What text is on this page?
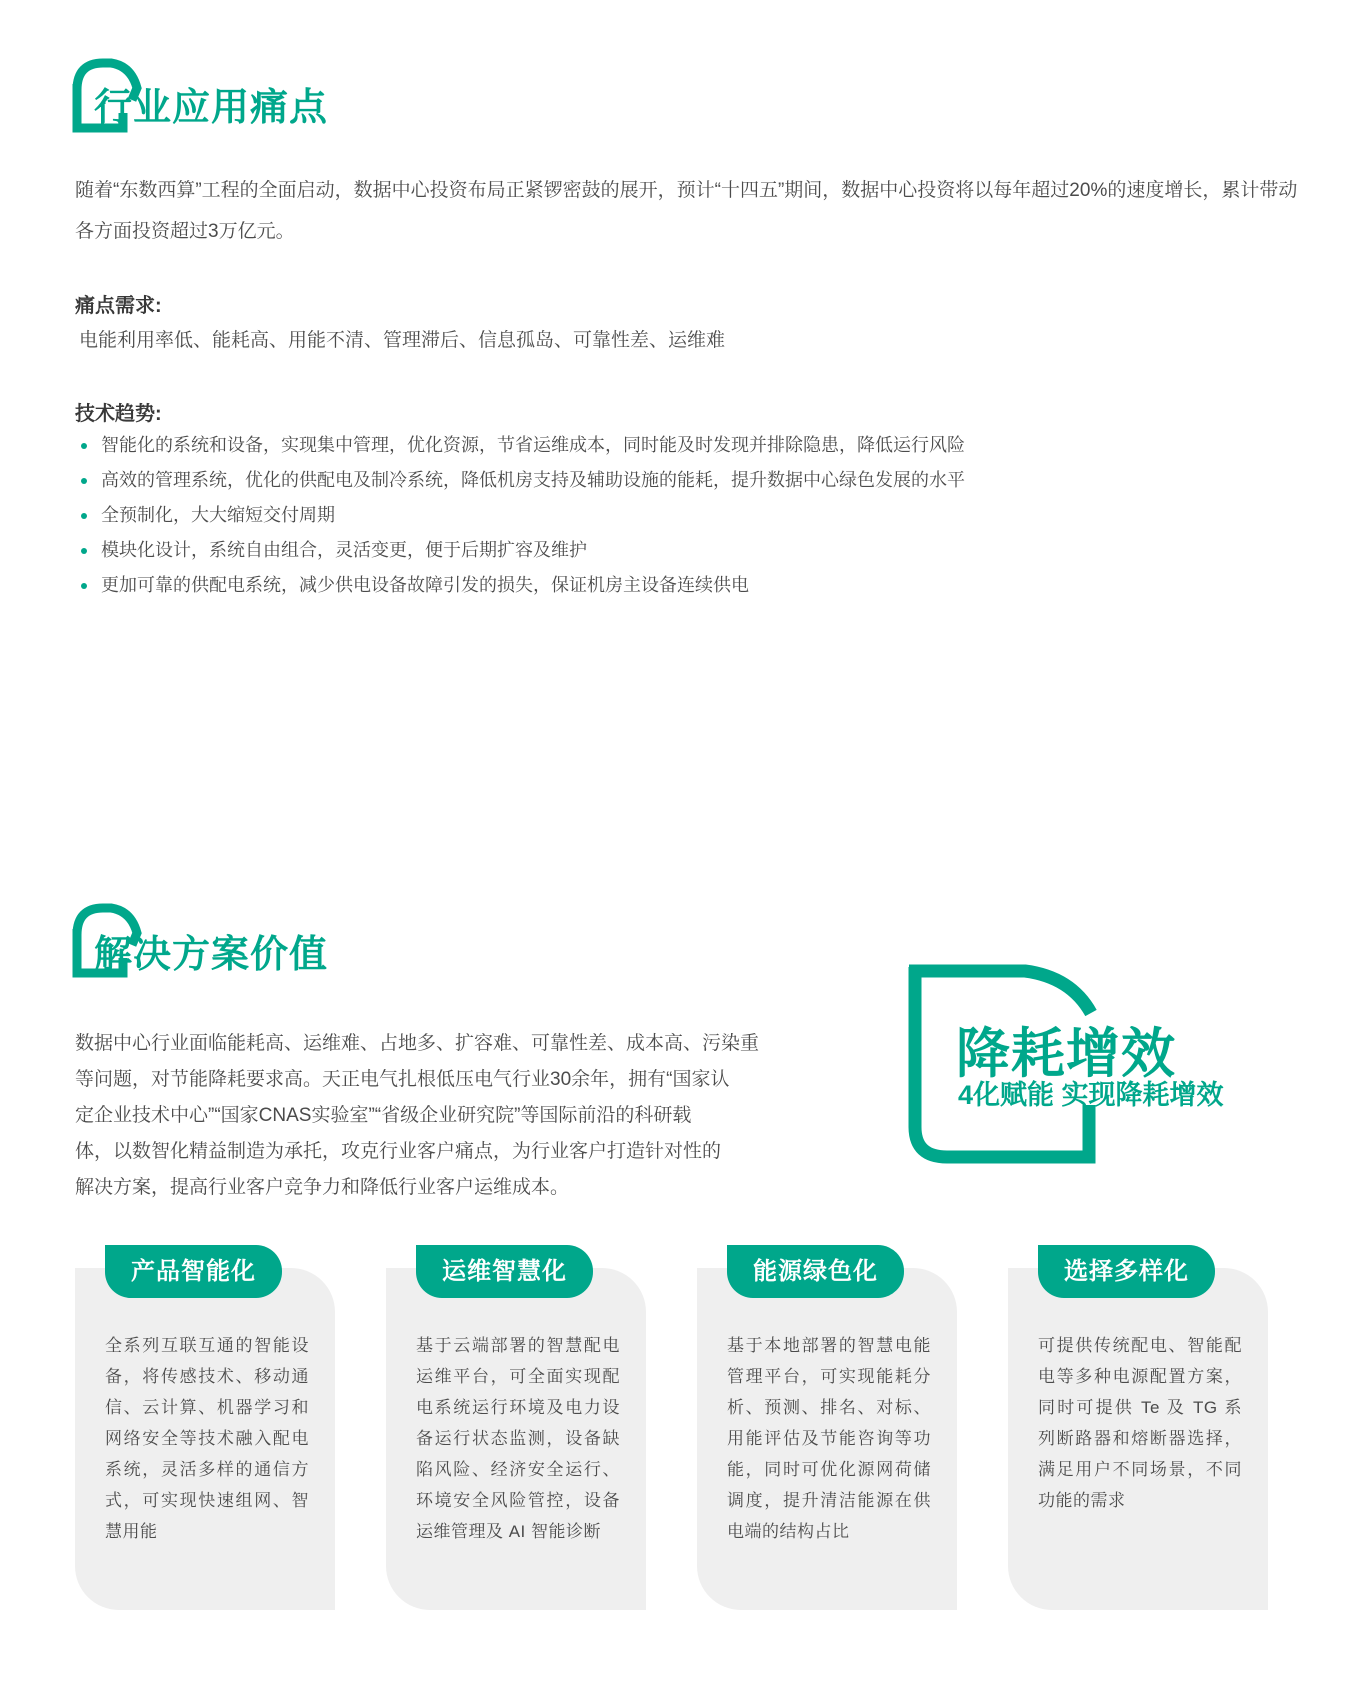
行业应用痛点
随着“东数西算”工程的全面启动，数据中心投资布局正紧锣密鼓的展开，预计“十四五”期间，数据中心投资将以每年超过20%的速度增长，累计带动
各方面投资超过3万亿元。
痛点需求:
电能利用率低、能耗高、用能不清、管理滞后、信息孤岛、可靠性差、运维难
技术趋势:
智能化的系统和设备，实现集中管理，优化资源，节省运维成本，同时能及时发现并排除隐患，降低运行风险
高效的管理系统，优化的供配电及制冷系统，降低机房支持及辅助设施的能耗，提升数据中心绿色发展的水平
全预制化，大大缩短交付周期
模块化设计，系统自由组合，灵活变更，便于后期扩容及维护
更加可靠的供配电系统，减少供电设备故障引发的损失，保证机房主设备连续供电
解决方案价值
数据中心行业面临能耗高、运维难、占地多、扩容难、可靠性差、成本高、污染重
等问题，对节能降耗要求高。天正电气扎根低压电气行业30余年，拥有“国家认
定企业技术中心”“国家CNAS实验室”“省级企业研究院”等国际前沿的科研载
体，以数智化精益制造为承托，攻克行业客户痛点，为行业客户打造针对性的
解决方案，提高行业客户竞争力和降低行业客户运维成本。
降耗增效
4化赋能 实现降耗增效
产品智能化
全系列互联互通的智能设备，将传感技术、移动通信、云计算、机器学习和网络安全等技术融入配电系统，灵活多样的通信方式，可实现快速组网、智慧用能
运维智慧化
基于云端部署的智慧配电运维平台，可全面实现配电系统运行环境及电力设备运行状态监测，设备缺陷风险、经济安全运行、环境安全风险管控，设备运维管理及 AI 智能诊断
能源绿色化
基于本地部署的智慧电能管理平台，可实现能耗分析、预测、排名、对标、用能评估及节能咨询等功能，同时可优化源网荷储调度，提升清洁能源在供电端的结构占比
选择多样化
可提供传统配电、智能配电等多种电源配置方案，同时可提供 Te 及 TG 系列断路器和熔断器选择，满足用户不同场景，不同功能的需求
